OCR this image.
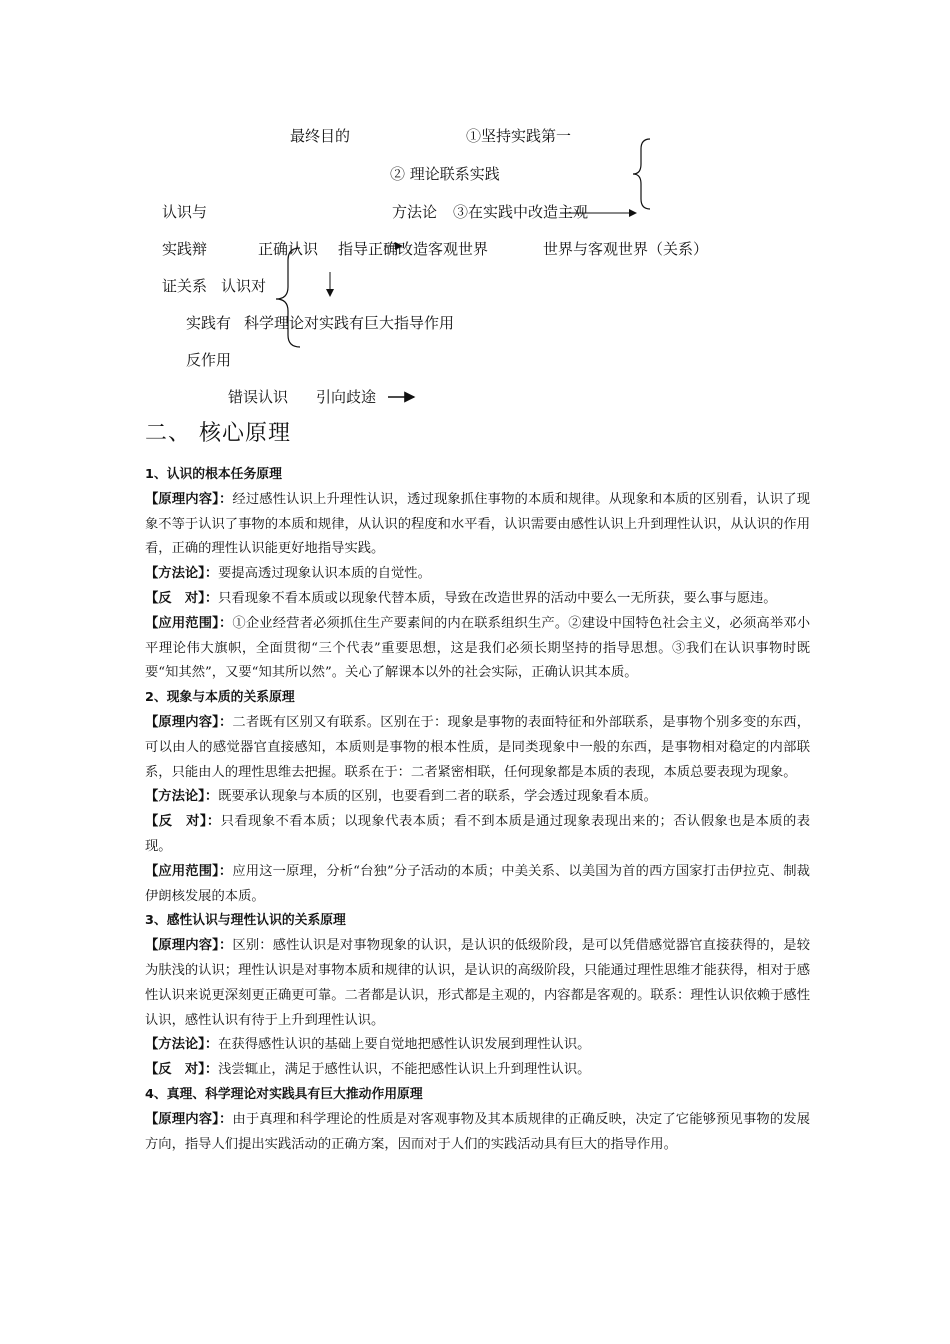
最终目的	①坚持实践第一
② 理论联系实践
认识与	方法论 ③在实践中改造主观
实践辩	正确认识 指导正确改造客观世界	世界与客观世界（关系）
证关系 认识对
实践有 科学理论对实践有巨大指导作用
反作用
错误认识 引向歧途
二、 核心原理

1、认识的根本任务原理

【原理内容】：经过感性认识上升理性认识，透过现象抓住事物的本质和规律。从现象和本质的区别看，认识了现象不等于认识了事物的本质和规律，从认识的程度和水平看，认识需要由感性认识上升到理性认识，从认识的作用看，正确的理性认识能更好地指导实践。

【方法论】：要提高透过现象认识本质的自觉性。

【反　对】：只看现象不看本质或以现象代替本质，导致在改造世界的活动中要么一无所获，要么事与愿违。

【应用范围】：①企业经营者必须抓住生产要素间的内在联系组织生产。②建设中国特色社会主义，必须高举邓小平理论伟大旗帜，全面贯彻“三个代表”重要思想，这是我们必须长期坚持的指导思想。③我们在认识事物时既要“知其然”，又要“知其所以然”。关心了解课本以外的社会实际，正确认识其本质。

2、现象与本质的关系原理

【原理内容】：二者既有区别又有联系。区别在于：现象是事物的表面特征和外部联系，是事物个别多变的东西，可以由人的感觉器官直接感知，本质则是事物的根本性质，是同类现象中一般的东西，是事物相对稳定的内部联系，只能由人的理性思维去把握。联系在于：二者紧密相联，任何现象都是本质的表现，本质总要表现为现象。

【方法论】：既要承认现象与本质的区别，也要看到二者的联系，学会透过现象看本质。

【反　对】：只看现象不看本质；以现象代表本质；看不到本质是通过现象表现出来的；否认假象也是本质的表现。

【应用范围】：应用这一原理，分析“台独”分子活动的本质；中美关系、以美国为首的西方国家打击伊拉克、制裁伊朗核发展的本质。

3、感性认识与理性认识的关系原理

【原理内容】：区别：感性认识是对事物现象的认识，是认识的低级阶段，是可以凭借感觉器官直接获得的，是较为肤浅的认识；理性认识是对事物本质和规律的认识，是认识的高级阶段，只能通过理性思维才能获得，相对于感性认识来说更深刻更正确更可靠。二者都是认识，形式都是主观的，内容都是客观的。联系：理性认识依赖于感性认识，感性认识有待于上升到理性认识。

【方法论】：在获得感性认识的基础上要自觉地把感性认识发展到理性认识。

【反　对】：浅尝辄止，满足于感性认识，不能把感性认识上升到理性认识。

4、真理、科学理论对实践具有巨大推动作用原理

【原理内容】：由于真理和科学理论的性质是对客观事物及其本质规律的正确反映，决定了它能够预见事物的发展方向，指导人们提出实践活动的正确方案，因而对于人们的实践活动具有巨大的指导作用。
